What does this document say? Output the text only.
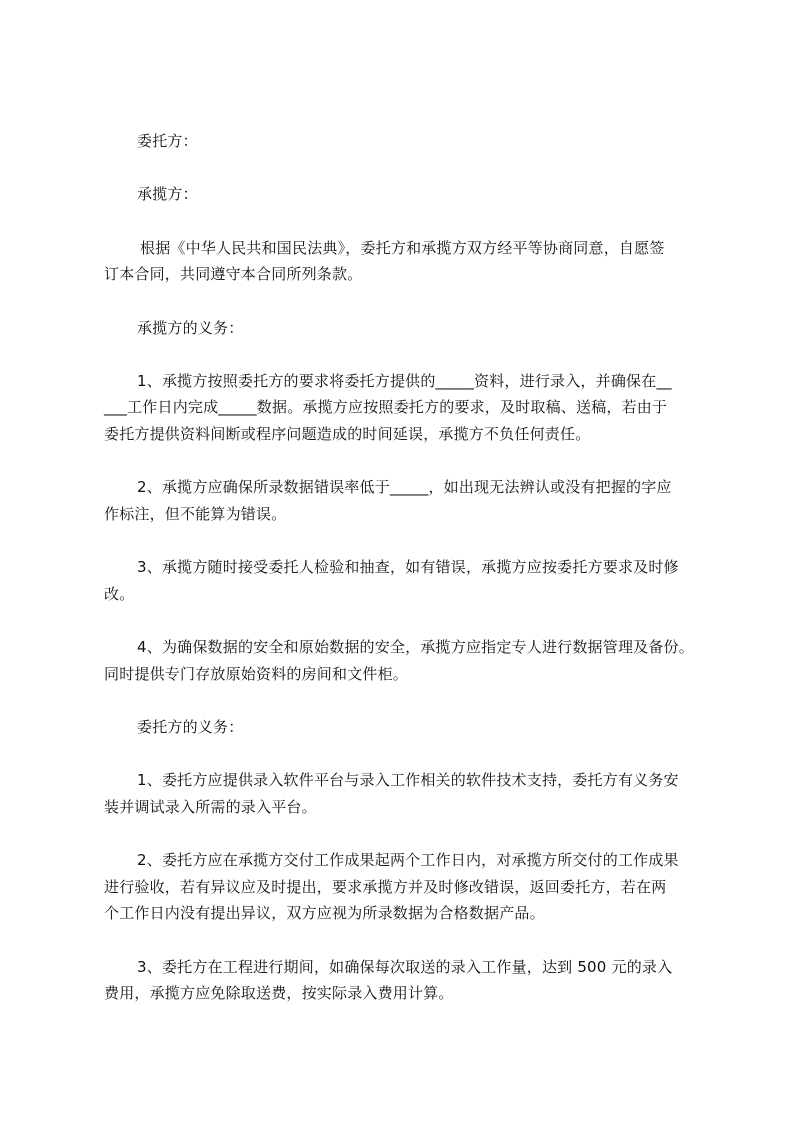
委托方：
承揽方：
根据《中华人民共和国民法典》，委托方和承揽方双方经平等协商同意，自愿签
订本合同，共同遵守本合同所列条款。
承揽方的义务：
1、承揽方按照委托方的要求将委托方提供的_____资料，进行录入，并确保在__
___工作日内完成_____数据。承揽方应按照委托方的要求，及时取稿、送稿，若由于
委托方提供资料间断或程序问题造成的时间延误，承揽方不负任何责任。
2、承揽方应确保所录数据错误率低于_____，如出现无法辨认或没有把握的字应
作标注，但不能算为错误。
3、承揽方随时接受委托人检验和抽查，如有错误，承揽方应按委托方要求及时修
改。
4、为确保数据的安全和原始数据的安全，承揽方应指定专人进行数据管理及备份。
同时提供专门存放原始资料的房间和文件柜。
委托方的义务：
1、委托方应提供录入软件平台与录入工作相关的软件技术支持，委托方有义务安
装并调试录入所需的录入平台。
2、委托方应在承揽方交付工作成果起两个工作日内，对承揽方所交付的工作成果
进行验收，若有异议应及时提出，要求承揽方并及时修改错误，返回委托方，若在两
个工作日内没有提出异议，双方应视为所录数据为合格数据产品。
3、委托方在工程进行期间，如确保每次取送的录入工作量，达到 500 元的录入
费用，承揽方应免除取送费，按实际录入费用计算。
